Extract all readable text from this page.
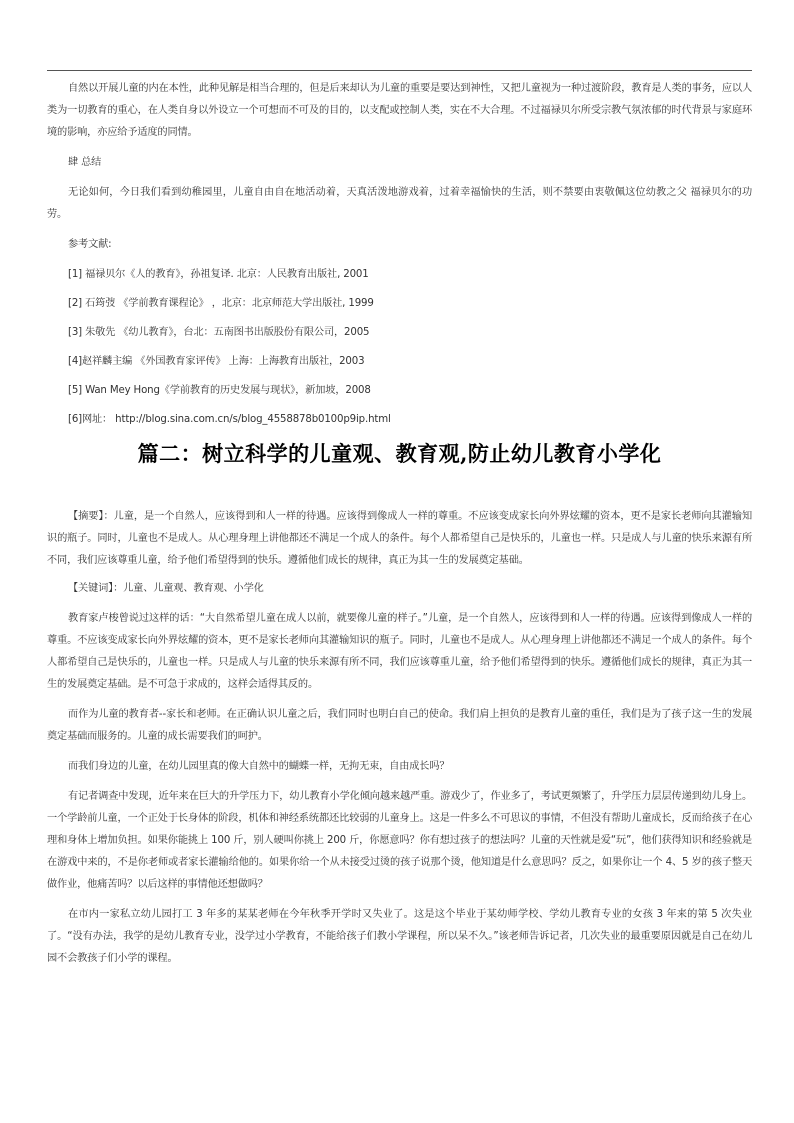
自然以开展儿童的内在本性，此种见解是相当合理的，但是后来却认为儿童的重要是要达到神性，又把儿童视为一种过渡阶段，教育是人类的事务，应以人类为一切教育的重心，在人类自身以外设立一个可想而不可及的目的，以支配或控制人类，实在不大合理。不过福禄贝尔所受宗教气氛浓郁的时代背景与家庭环境的影响，亦应给予适度的同情。

肆 总结

无论如何，今日我们看到幼稚园里，儿童自由自在地活动着，天真活泼地游戏着，过着幸福愉快的生活，则不禁要由衷敬佩这位幼教之父 福禄贝尔的功劳。

参考文献:

[1] 福禄贝尔《人的教育》，孙祖复译. 北京：人民教育出版社, 2001

[2] 石筠弢 《学前教育课程论》 ，北京：北京师范大学出版社, 1999

[3] 朱敬先 《幼儿教育》，台北：五南图书出版股份有限公司，2005

[4]赵祥麟主编 《外国教育家评传》 上海：上海教育出版社，2003

[5] Wan Mey Hong《学前教育的历史发展与现状》，新加坡，2008

[6]网址： http://blog.sina.com.cn/s/blog_4558878b0100p9ip.html

篇二：树立科学的儿童观、教育观,防止幼儿教育小学化

【摘要】：儿童，是一个自然人，应该得到和人一样的待遇。应该得到像成人一样的尊重。不应该变成家长向外界炫耀的资本，更不是家长老师向其灌输知识的瓶子。同时，儿童也不是成人。从心理身理上讲他都还不满足一个成人的条件。每个人都希望自己是快乐的，儿童也一样。只是成人与儿童的快乐来源有所不同，我们应该尊重儿童，给予他们希望得到的快乐。遵循他们成长的规律，真正为其一生的发展奠定基础。

【关键词】：儿童、儿童观、教育观、小学化

教育家卢梭曾说过这样的话：“大自然希望儿童在成人以前，就要像儿童的样子。”儿童，是一个自然人，应该得到和人一样的待遇。应该得到像成人一样的尊重。不应该变成家长向外界炫耀的资本，更不是家长老师向其灌输知识的瓶子。同时，儿童也不是成人。从心理身理上讲他都还不满足一个成人的条件。每个人都希望自己是快乐的，儿童也一样。只是成人与儿童的快乐来源有所不同，我们应该尊重儿童，给予他们希望得到的快乐。遵循他们成长的规律，真正为其一生的发展奠定基础。是不可急于求成的，这样会适得其反的。

而作为儿童的教育者--家长和老师。在正确认识儿童之后，我们同时也明白自己的使命。我们肩上担负的是教育儿童的重任，我们是为了孩子这一生的发展奠定基础而服务的。儿童的成长需要我们的呵护。

而我们身边的儿童，在幼儿园里真的像大自然中的蝴蝶一样，无拘无束，自由成长吗？

有记者调查中发现，近年来在巨大的升学压力下，幼儿教育小学化倾向越来越严重。游戏少了，作业多了，考试更频繁了，升学压力层层传递到幼儿身上。一个学龄前儿童，一个正处于长身体的阶段，机体和神经系统都还比较弱的儿童身上。这是一件多么不可思议的事情，不但没有帮助儿童成长，反而给孩子在心理和身体上增加负担。如果你能挑上 100 斤，别人硬叫你挑上 200 斤，你愿意吗？你有想过孩子的想法吗？儿童的天性就是爱“玩”，他们获得知识和经验就是在游戏中来的，不是你老师或者家长灌输给他的。如果你给一个从未接受过烫的孩子说那个烫，他知道是什么意思吗？反之，如果你让一个 4、5 岁的孩子整天做作业，他痛苦吗？以后这样的事情他还想做吗？

在市内一家私立幼儿园打工 3 年多的某某老师在今年秋季开学时又失业了。这是这个毕业于某幼师学校、学幼儿教育专业的女孩 3 年来的第 5 次失业了。“没有办法，我学的是幼儿教育专业，没学过小学教育，不能给孩子们教小学课程，所以呆不久。”该老师告诉记者，几次失业的最重要原因就是自己在幼儿园不会教孩子们小学的课程。
